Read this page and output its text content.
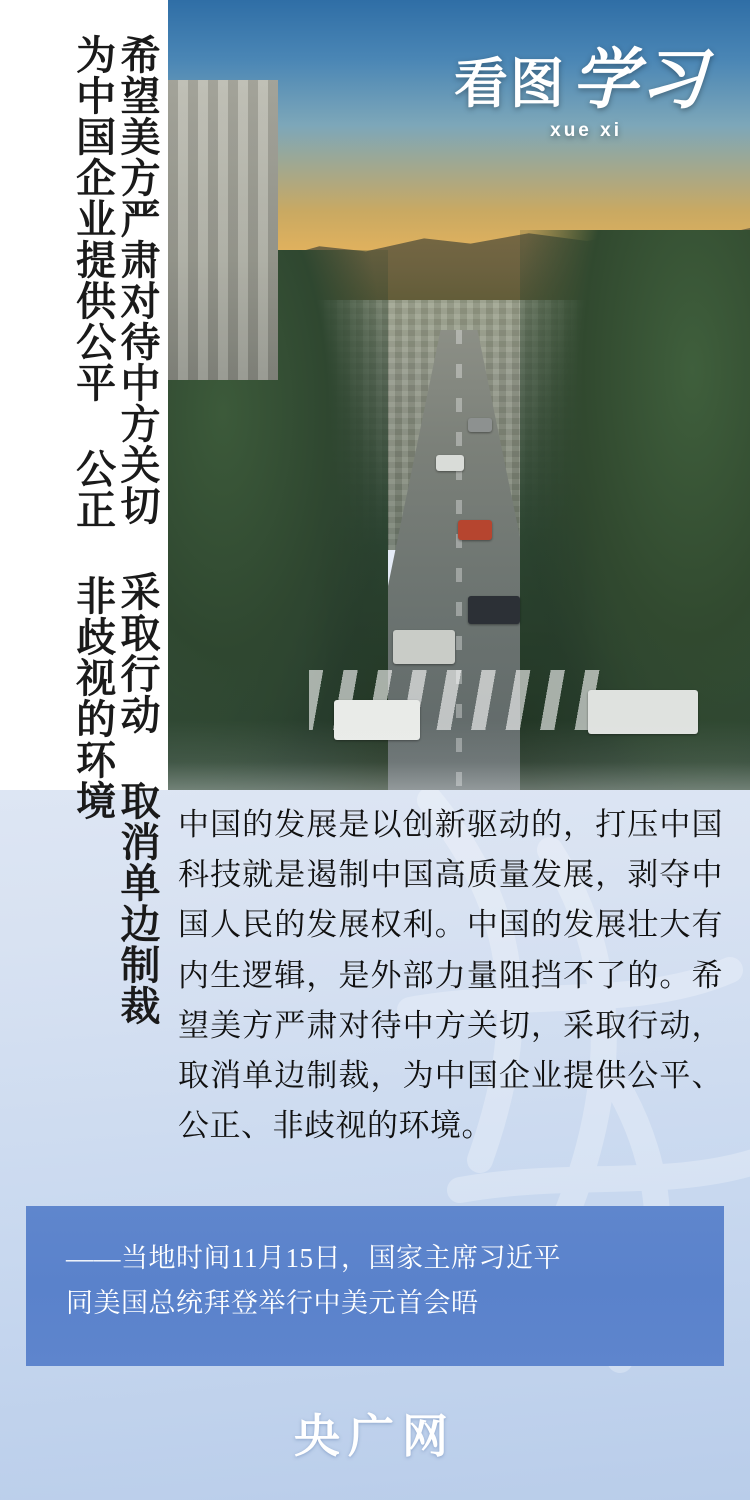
希望美方严肃对待中方关切 采取行动 取消单边制裁
为中国企业提供公平 公正 非歧视的环境	看图 学习
xue xi
中国的发展是以创新驱动的，打压中国科技就是遏制中国高质量发展，剥夺中国人民的发展权利。中国的发展壮大有内生逻辑，是外部力量阻挡不了的。希望美方严肃对待中方关切，采取行动，取消单边制裁，为中国企业提供公平、公正、非歧视的环境。
——当地时间11月15日，国家主席习近平
同美国总统拜登举行中美元首会晤
央广网
